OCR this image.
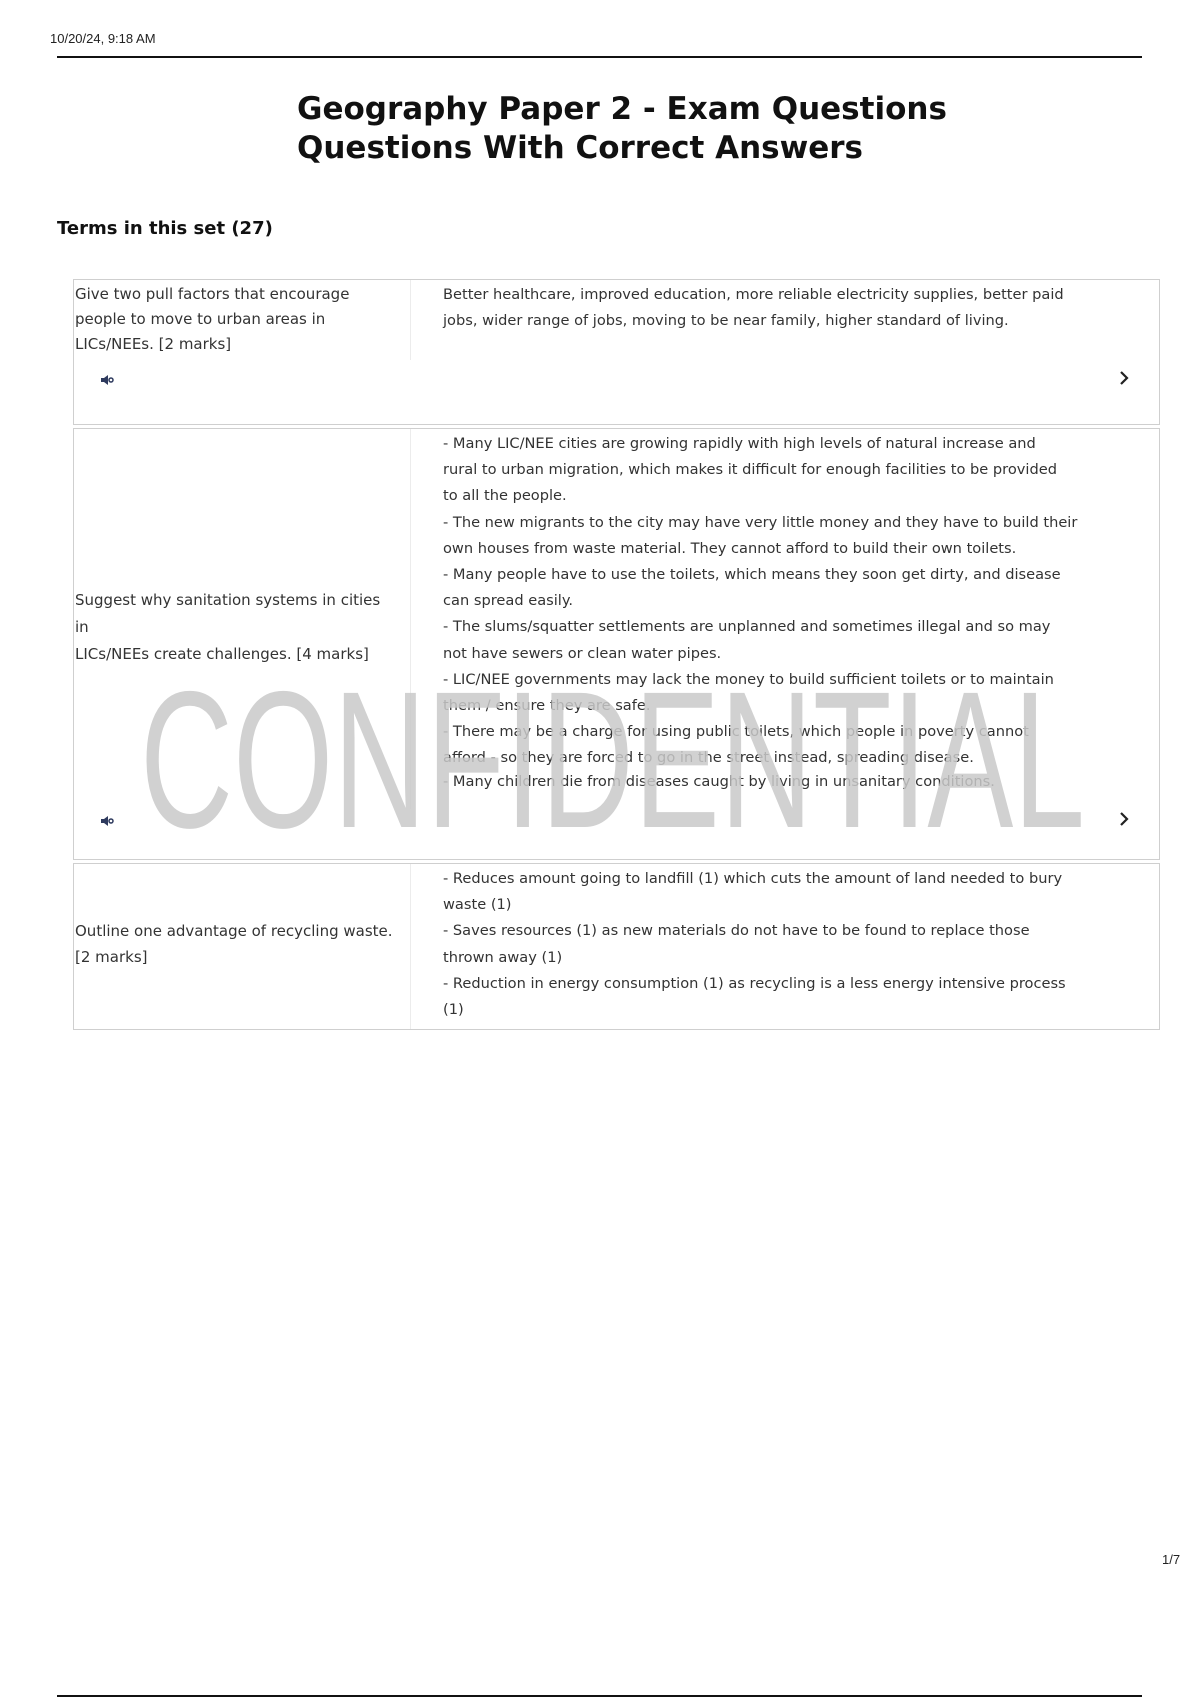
10/20/24, 9:18 AM
Geography Paper 2 - Exam Questions Questions With Correct Answers
Terms in this set (27)
Give two pull factors that encourage
people to move to urban areas in
LICs/NEEs. [2 marks]
Better healthcare, improved education, more reliable electricity supplies, better paid
jobs, wider range of jobs, moving to be near family, higher standard of living.
Suggest why sanitation systems in cities in
LICs/NEEs create challenges. [4 marks]
- Many LIC/NEE cities are growing rapidly with high levels of natural increase and
rural to urban migration, which makes it difficult for enough facilities to be provided
to all the people.
- The new migrants to the city may have very little money and they have to build their
own houses from waste material. They cannot afford to build their own toilets.
- Many people have to use the toilets, which means they soon get dirty, and disease
can spread easily.
- The slums/squatter settlements are unplanned and sometimes illegal and so may
not have sewers or clean water pipes.
- LIC/NEE governments may lack the money to build sufficient toilets or to maintain
them / ensure they are safe.
- There may be a charge for using public toilets, which people in poverty cannot
afford - so they are forced to go in the street instead, spreading disease.
- Many children die from diseases caught by living in unsanitary conditions.
Outline one advantage of recycling waste.
[2 marks]
- Reduces amount going to landfill (1) which cuts the amount of land needed to bury
waste (1)
- Saves resources (1) as new materials do not have to be found to replace those
thrown away (1)
- Reduction in energy consumption (1) as recycling is a less energy intensive process
(1)
CONFIDENTIAL
1/7
